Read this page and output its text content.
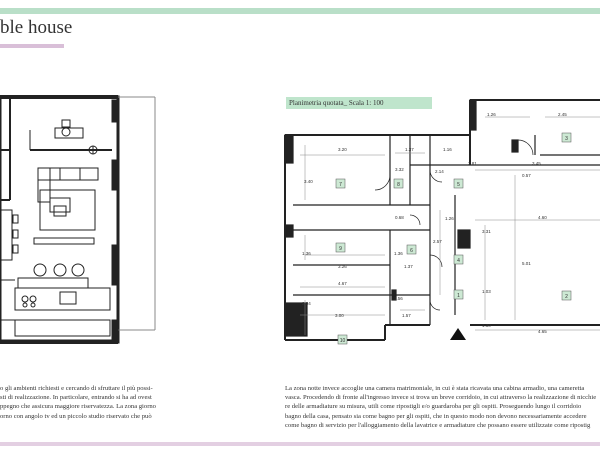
ble house
Planimetria quotata_ Scala 1: 100
3.20	1.37	1.16
1.26	2.45
3.40
3.32	2.14
2.81	3.45
0.57
0.68	1.26	4.60
3.31
1.36	1.36
1.37
2.57
3.26
5.01
4.67
1.56
1.03
2.04
3.00	1.57
1.30
4.65
7	8	5
3
9	6
4
1	2
10

o gli ambienti richiesti e cercando di sfruttare il più possi-

sti di realizzazione. In particolare, entrando si ha ad ovest

ppegno che assicura maggiore riservatezza. La zona giorno

orno con angolo tv ed un piccolo studio riservato che può

La zona notte invece accoglie una camera matrimoniale, in cui è stata ricavata una cabina armadio, una cameretta

vasca. Procedendo di fronte all'ingresso invece si trova un breve corridoio, in cui attraverso la realizzazione di nicchie

re delle armadiature su misura, utili come ripostigli e/o guardaroba per gli ospiti. Proseguendo lungo il corridoio

bagno della casa, pensato sia come bagno per gli ospiti, che in questo modo non devono necessariamente accedere

come bagno di servizio per l'alloggiamento della lavatrice e armadiature che possano essere utilizzate come ripostig
